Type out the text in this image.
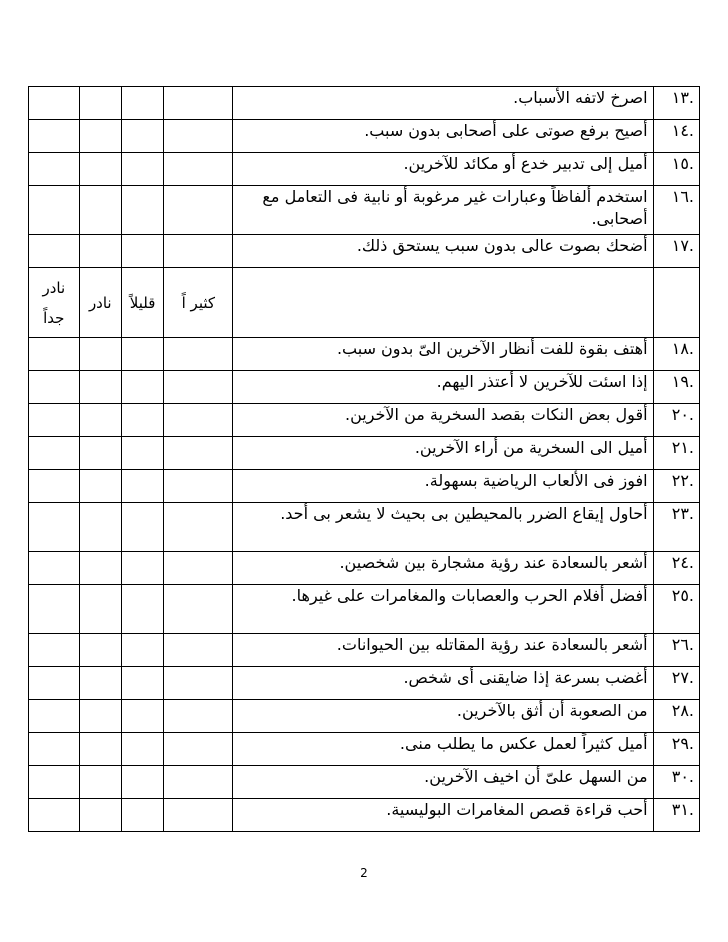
.١٣	اصرخ لاتفه الأسباب.				
.١٤	أصيح برفع صوتى على أصحابى بدون سبب.				
.١٥	أميل إلى تدبير خدع أو مكائد للآخرين.				
.١٦	استخدم ألفاظاً وعبارات غير مرغوبة أو نابية فى التعامل مع أصحابى.				
.١٧	أضحك بصوت عالى بدون سبب يستحق ذلك.				
		كثير اً	قليلاً	نادر	نادر جداً
.١٨	أهتف بقوة للفت أنظار الآخرين الىّ بدون سبب.				
.١٩	إذا اسئت للآخرين لا أعتذر اليهم.				
.٢٠	أقول بعض النكات بقصد السخرية من الآخرين.				
.٢١	أميل الى السخرية من أراء الآخرين.				
.٢٢	افوز فى الألعاب الرياضية بسهولة.				
.٢٣	أحاول إيقاع الضرر بالمحيطين بى بحيث لا يشعر بى أحد.				
.٢٤	أشعر بالسعادة عند رؤية مشجارة بين شخصين.				
.٢٥	أفضل أفلام الحرب والعصابات والمغامرات على غيرها.				
.٢٦	أشعر بالسعادة عند رؤية المقاتله بين الحيوانات.				
.٢٧	أغضب بسرعة إذا ضايقنى أى شخص.				
.٢٨	من الصعوبة أن أثق بالآخرين.				
.٢٩	أميل كثيراً لعمل عكس ما يطلب منى.				
.٣٠	من السهل علىّ أن اخيف الآخرين.				
.٣١	أحب قراءة قصص المغامرات البوليسية.				
2
